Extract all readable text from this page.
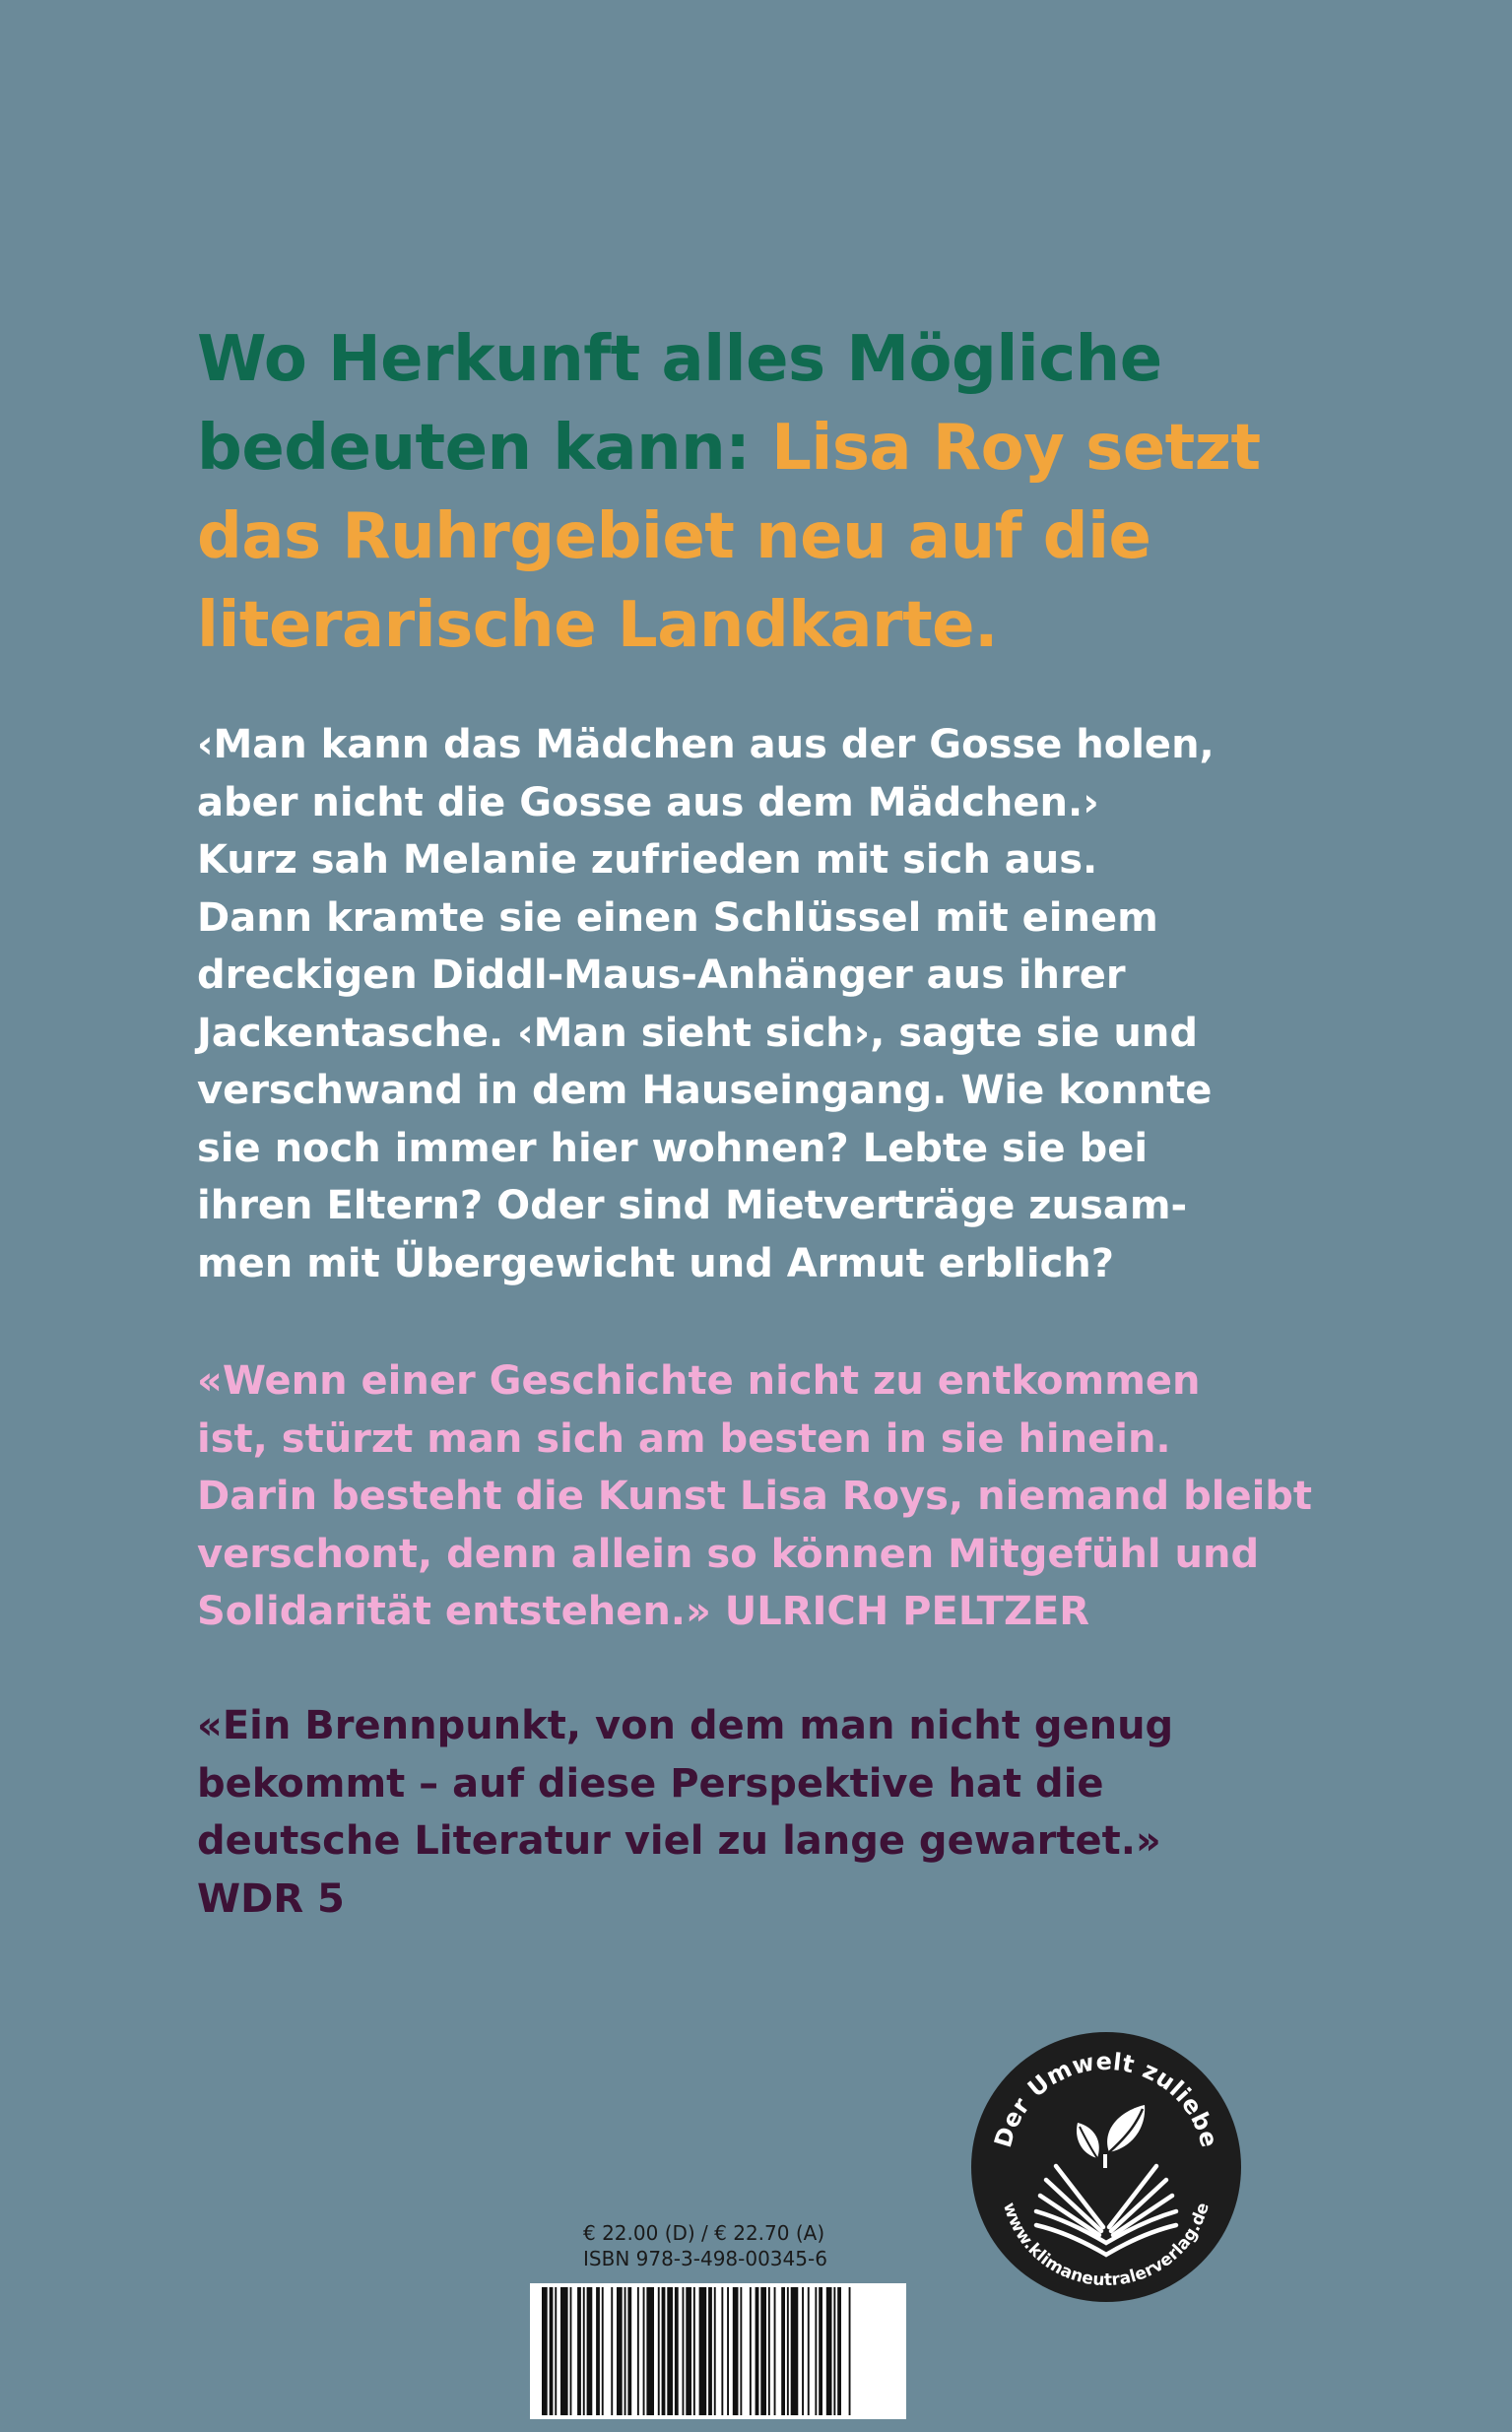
Wo Herkunft alles Mögliche
bedeuten kann: Lisa Roy setzt
das Ruhrgebiet neu auf die
literarische Landkarte.

‹Man kann das Mädchen aus der Gosse holen,
aber nicht die Gosse aus dem Mädchen.›
Kurz sah Melanie zufrieden mit sich aus.
Dann kramte sie einen Schlüssel mit einem
dreckigen Diddl-Maus-Anhänger aus ihrer
Jackentasche. ‹Man sieht sich›, sagte sie und
verschwand in dem Hauseingang. Wie konnte
sie noch immer hier wohnen? Lebte sie bei
ihren Eltern? Oder sind Mietverträge zusam-
men mit Übergewicht und Armut erblich?
«Wenn einer Geschichte nicht zu entkommen
ist, stürzt man sich am besten in sie hinein.
Darin besteht die Kunst Lisa Roys, niemand bleibt
verschont, denn allein so können Mitgefühl und
Solidarität entstehen.» ULRICH PELTZER
«Ein Brennpunkt, von dem man nicht genug
bekommt – auf diese Perspektive hat die
deutsche Literatur viel zu lange gewartet.»
WDR 5
Der Umwelt zuliebe
www.klimaneutralerverlag.de
€ 22.00 (D) / € 22.70 (A)
ISBN 978-3-498-00345-6
